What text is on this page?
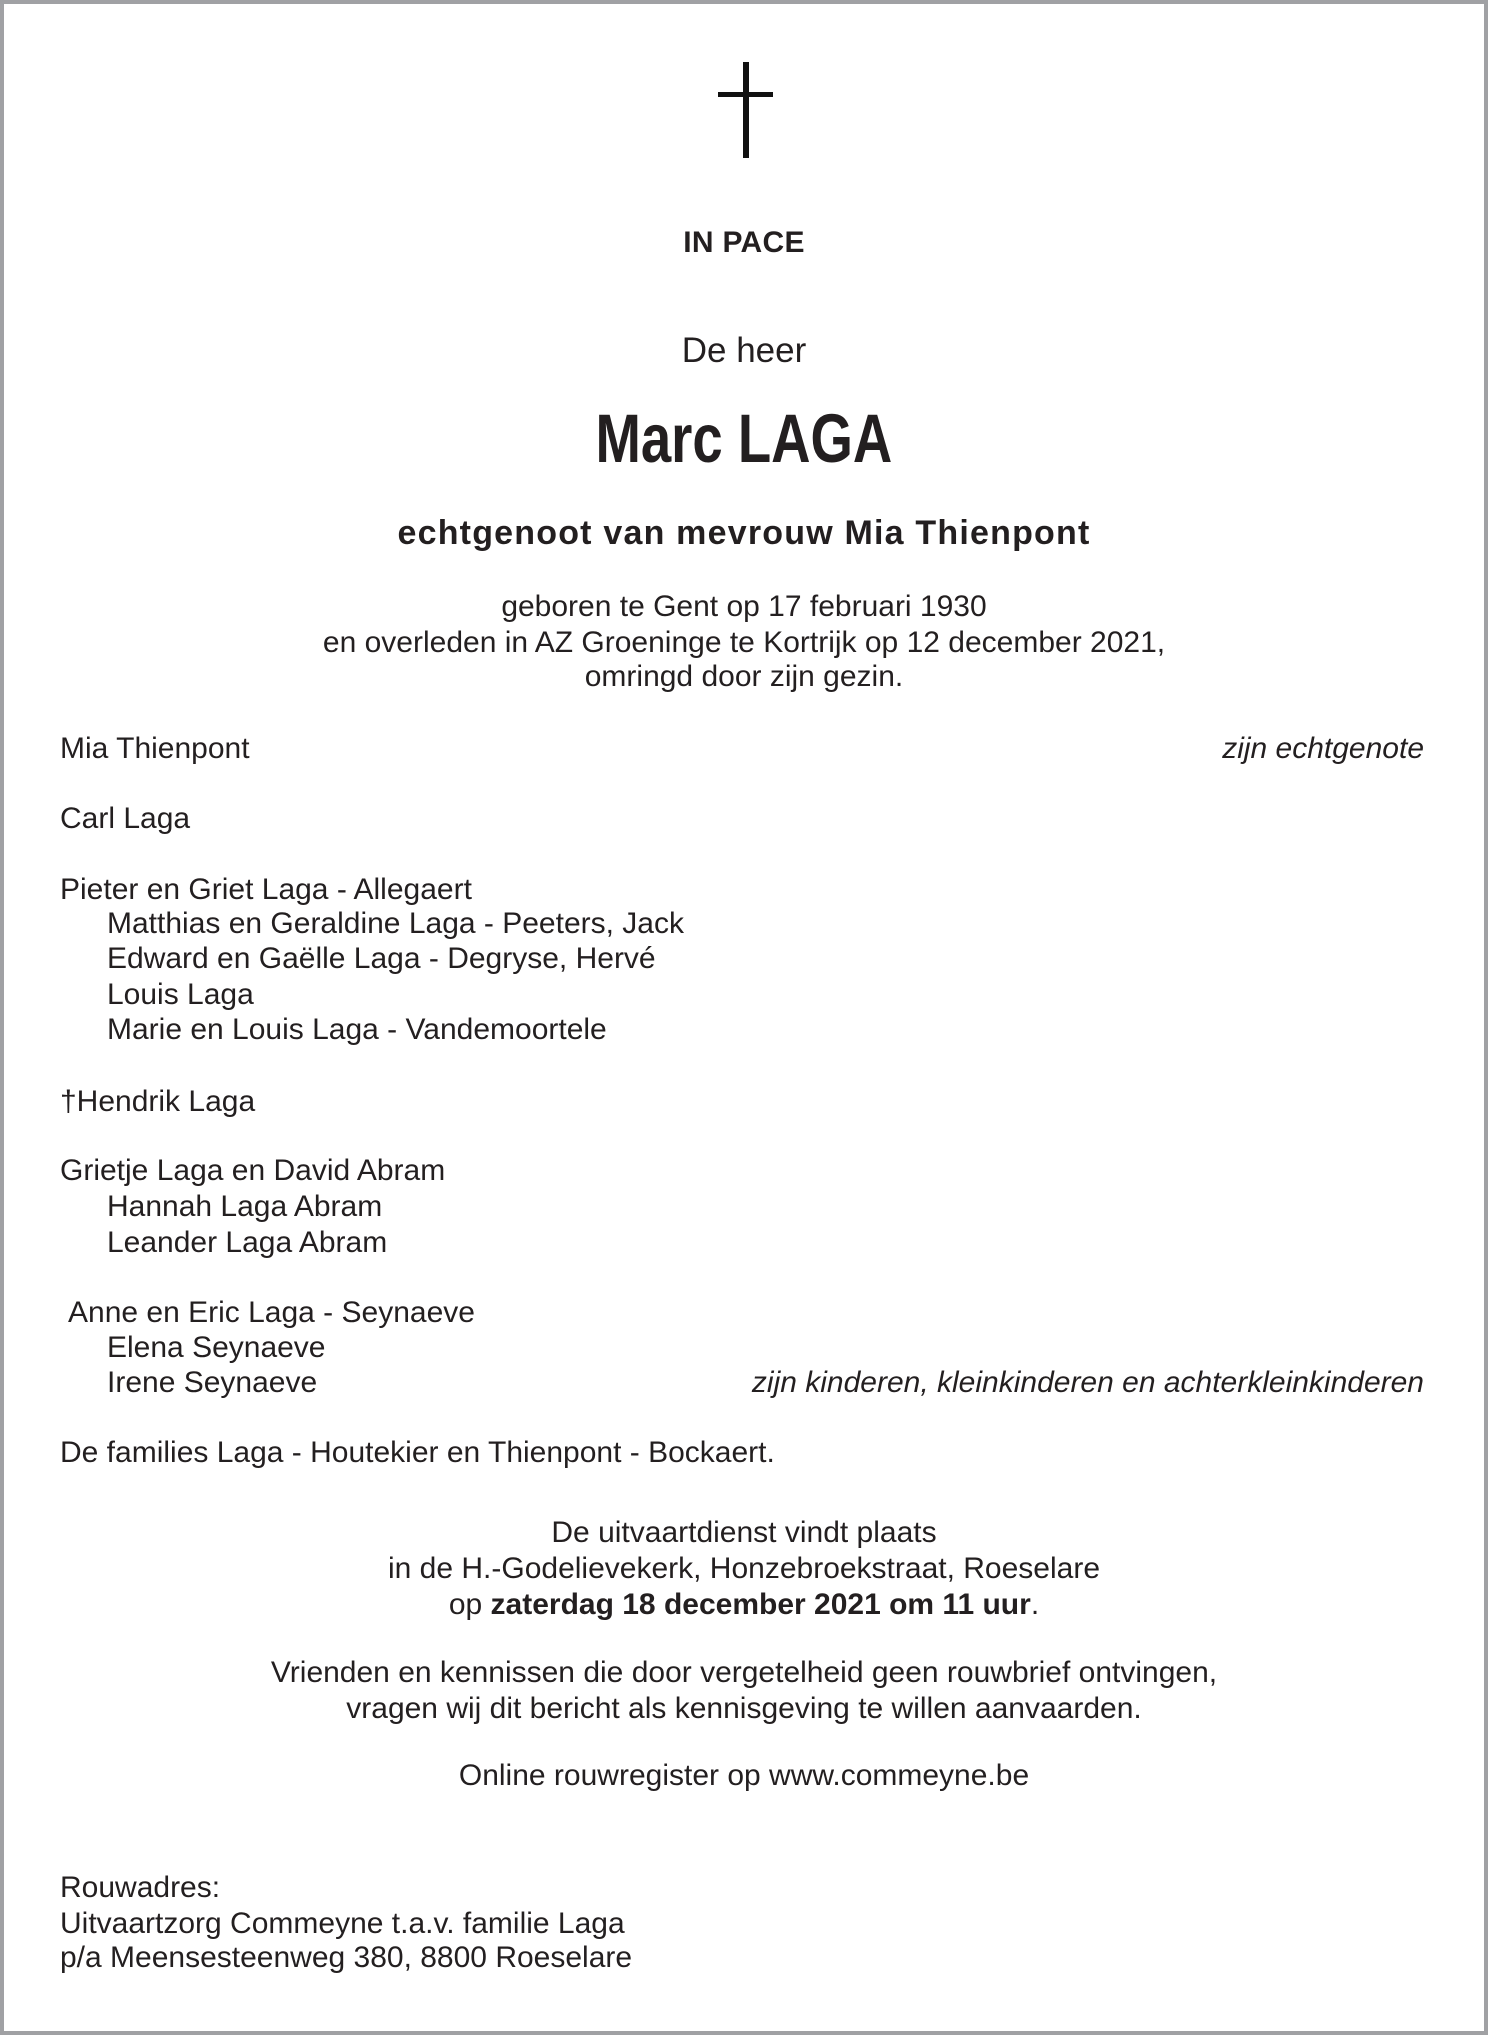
IN PACE
De heer
Marc LAGA
echtgenoot van mevrouw Mia Thienpont
geboren te Gent op 17 februari 1930
en overleden in AZ Groeninge te Kortrijk op 12 december 2021,
omringd door zijn gezin.
Mia Thienpont	zijn echtgenote
Carl Laga
Pieter en Griet Laga - Allegaert
Matthias en Geraldine Laga - Peeters, Jack
Edward en Gaëlle Laga - Degryse, Hervé
Louis Laga
Marie en Louis Laga - Vandemoortele
†Hendrik Laga
Grietje Laga en David Abram
Hannah Laga Abram
Leander Laga Abram
Anne en Eric Laga - Seynaeve
Elena Seynaeve
Irene Seynaeve	zijn kinderen, kleinkinderen en achterkleinkinderen
De families Laga - Houtekier en Thienpont - Bockaert.
De uitvaartdienst vindt plaats
in de H.-Godelievekerk, Honzebroekstraat, Roeselare
op zaterdag 18 december 2021 om 11 uur.
Vrienden en kennissen die door vergetelheid geen rouwbrief ontvingen,
vragen wij dit bericht als kennisgeving te willen aanvaarden.
Online rouwregister op www.commeyne.be
Rouwadres:
Uitvaartzorg Commeyne t.a.v. familie Laga
p/a Meensesteenweg 380, 8800 Roeselare
